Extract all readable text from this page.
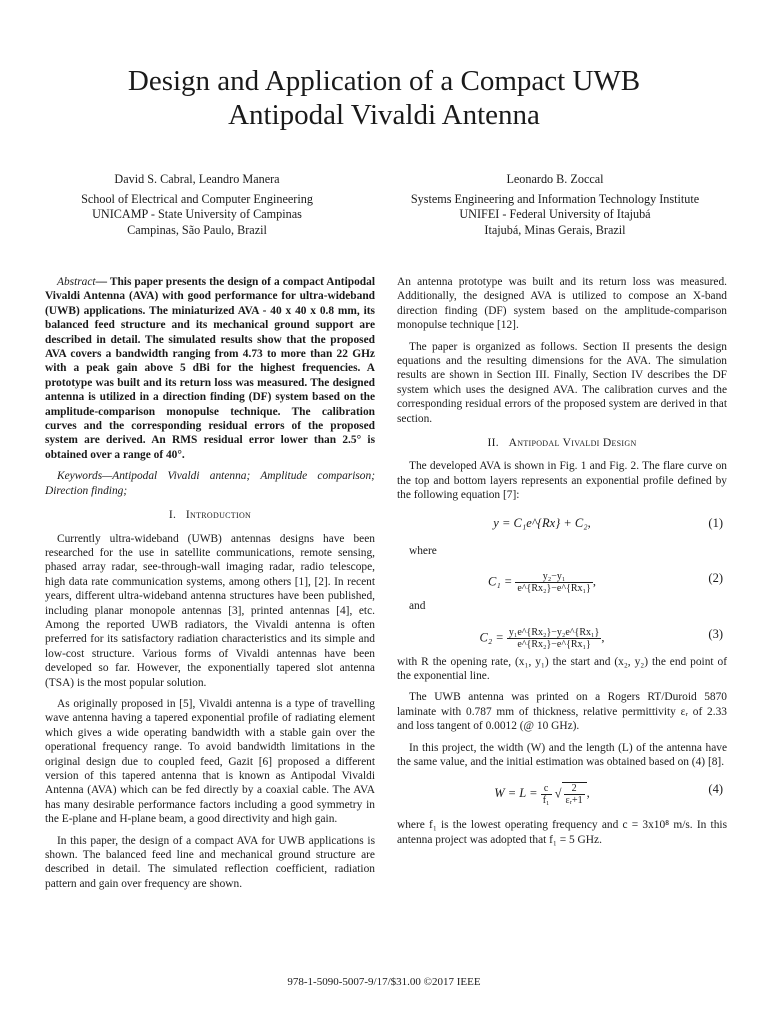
Design and Application of a Compact UWB
Antipodal Vivaldi Antenna
David S. Cabral, Leandro Manera
School of Electrical and Computer Engineering
UNICAMP - State University of Campinas
Campinas, São Paulo, Brazil
Leonardo B. Zoccal
Systems Engineering and Information Technology Institute
UNIFEI - Federal University of Itajubá
Itajubá, Minas Gerais, Brazil

Abstract— This paper presents the design of a compact Antipodal Vivaldi Antenna (AVA) with good performance for ultra-wideband (UWB) applications. The miniaturized AVA - 40 x 40 x 0.8 mm, its balanced feed structure and its mechanical ground support are described in detail. The simulated results show that the proposed AVA covers a bandwidth ranging from 4.73 to more than 22 GHz with a peak gain above 5 dBi for the highest frequencies. A prototype was built and its return loss was measured. The designed antenna is utilized in a direction finding (DF) system based on the amplitude-comparison monopulse technique. The calibration curves and the corresponding residual errors of the proposed system are derived. An RMS residual error lower than 2.5° is obtained over a range of 40°.

Keywords—Antipodal Vivaldi antenna; Amplitude comparison; Direction finding;

I. Introduction

Currently ultra-wideband (UWB) antennas designs have been researched for the use in satellite communications, remote sensing, phased array radar, see-through-wall imaging radar, radio telescope, high data rate communication systems, among others [1], [2]. In recent years, different ultra-wideband antenna structures have been published, including planar monopole antennas [3], printed antennas [4], etc. Among the reported UWB radiators, the Vivaldi antenna is often preferred for its satisfactory radiation characteristics and its simple and low-cost structure. Various forms of Vivaldi antennas have been developed so far. However, the exponentially tapered slot antenna (TSA) is the most popular solution.

As originally proposed in [5], Vivaldi antenna is a type of travelling wave antenna having a tapered exponential profile of radiating element which gives a wide operating bandwidth with a stable gain over the operational frequency range. To avoid bandwidth limitations in the original design due to coupled feed, Gazit [6] proposed a different version of this tapered antenna that is known as Antipodal Vivaldi Antenna (AVA) which can be fed directly by a coaxial cable. The AVA has many desirable performance factors including a good symmetry in the E-plane and H-plane beam, a good directivity and high gain.

In this paper, the design of a compact AVA for UWB applications is shown. The balanced feed line and mechanical ground structure are described in detail. The simulated reflection coefficient, radiation pattern and gain over frequency are shown.

An antenna prototype was built and its return loss was measured. Additionally, the designed AVA is utilized to compose an X-band direction finding (DF) system based on the amplitude-comparison monopulse technique [12].

The paper is organized as follows. Section II presents the design equations and the resulting dimensions for the AVA. The simulation results are shown in Section III. Finally, Section IV describes the DF system which uses the designed AVA. The calibration curves and the corresponding residual errors of the proposed system are derived in that section.

II. Antipodal Vivaldi Design

The developed AVA is shown in Fig. 1 and Fig. 2. The flare curve on the top and bottom layers represents an exponential profile defined by the following equation [7]:

y = C₁e^{Rx} + C₂,	(1)

where

$C_1 = \frac{\text{y₂−y₁}}{\text{e\textasciicircum{}\{Rx₂\}−e\textasciicircum{}\{Rx₁\}}}$ ,	(2)

and

$C_2 = \frac{\text{y₁e\textasciicircum{}\{Rx₂\}−y₂e\textasciicircum{}\{Rx₁\}}}{\text{e\textasciicircum{}\{Rx₂\}−e\textasciicircum{}\{Rx₁\}}}$ ,	(3)

with R the opening rate, (x₁, y₁) the start and (x₂, y₂) the end point of the exponential line.

The UWB antenna was printed on a Rogers RT/Duroid 5870 laminate with 0.787 mm of thickness, relative permittivity εᵣ of 2.33 and loss tangent of 0.0012 (@ 10 GHz).

In this project, the width (W) and the length (L) of the antenna have the same value, and the initial estimation was obtained based on (4) [8].

$W = L = \frac{c}{\text{f₁}}$ √ $\frac{2}{\text{εᵣ+1}}$ ,	(4)

where f₁ is the lowest operating frequency and c = 3x10⁸ m/s. In this antenna project was adopted that f₁ = 5 GHz.

978-1-5090-5007-9/17/$31.00 ©2017 IEEE
